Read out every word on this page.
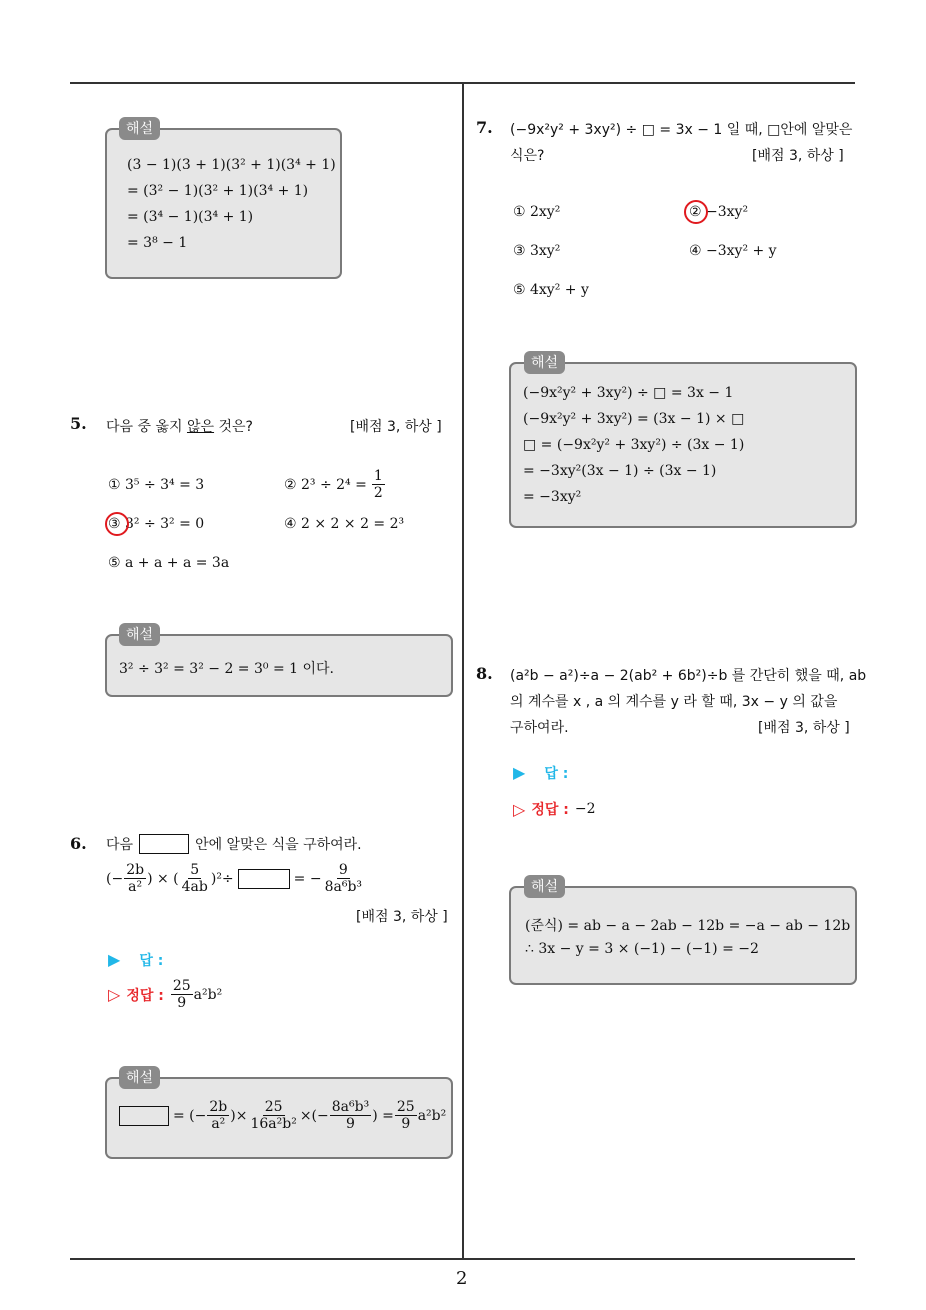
(3 − 1)(3 + 1)(3² + 1)(3⁴ + 1)
= (3² − 1)(3² + 1)(3⁴ + 1)
= (3⁴ − 1)(3⁴ + 1)
= 3⁸ − 1
해설
5. 다음 중 옳지 않은 것은?	[배점 3, 하상 ]
① 3⁵ ÷ 3⁴ = 3	② $2^3 \div 2^4 = \frac{1}{2}$
③ 3² ÷ 3² = 0	④ 2 × 2 × 2 = 2³
⑤ a + a + a = 3a
3² ÷ 3² = 3² − 2 = 3⁰ = 1 이다.
해설
6. 다음	안에 알맞은 식을 구하여라.
(− $\frac{2b}{\text{a²}}$ ) × ( $\frac{5}{4ab} )^2\div$	= − $\frac{9}{\text{8a⁶b³}}$
[배점 3, 하상 ]
▶ 답 :
▷ 정답 : $\frac{25}{9} a^2b^2$
= (− $\frac{2b}{\text{a²}}$ )× $\frac{25}{\text{16a²b²}}$ ×(− $\frac{\text{8a⁶b³}}{9}$ ) = $\frac{25}{9} a^2b^2$
해설
7. (−9x²y² + 3xy²) ÷ □ = 3x − 1 일 때, □안에 알맞은
식은?	[배점 3, 하상 ]
① 2xy²	② −3xy²
③ 3xy²	④ −3xy² + y
⑤ 4xy² + y
(−9x²y² + 3xy²) ÷ □ = 3x − 1
(−9x²y² + 3xy²) = (3x − 1) × □
□ = (−9x²y² + 3xy²) ÷ (3x − 1)
= −3xy²(3x − 1) ÷ (3x − 1)
= −3xy²
해설
8. (a²b − a²)÷a − 2(ab² + 6b²)÷b 를 간단히 했을 때, ab
의 계수를 x , a 의 계수를 y 라 할 때, 3x − y 의 값을
구하여라.	[배점 3, 하상 ]
▶ 답 :
▷ 정답 : −2
(준식) = ab − a − 2ab − 12b = −a − ab − 12b
∴ 3x − y = 3 × (−1) − (−1) = −2
해설
2
